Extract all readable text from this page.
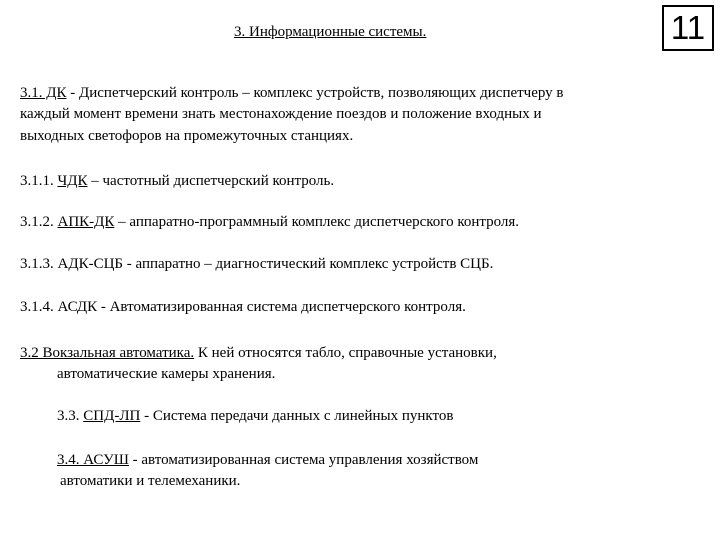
3. Информационные системы.	11
3.1. ДК - Диспетчерский контроль – комплекс устройств, позволяющих диспетчеру в
каждый момент времени знать местонахождение поездов и положение входных и
выходных светофоров на промежуточных станциях.
3.1.1. ЧДК – частотный диспетчерский контроль.
3.1.2. АПК-ДК – аппаратно-программный комплекс диспетчерского контроля.
3.1.3. АДК-СЦБ - аппаратно – диагностический комплекс устройств СЦБ.
3.1.4. АСДК - Автоматизированная система диспетчерского контроля.
3.2 Вокзальная автоматика. К ней относятся табло, справочные установки,
автоматические камеры хранения.
3.3. СПД-ЛП - Система передачи данных с линейных пунктов
3.4. АСУШ - автоматизированная система управления хозяйством
автоматики и телемеханики.
